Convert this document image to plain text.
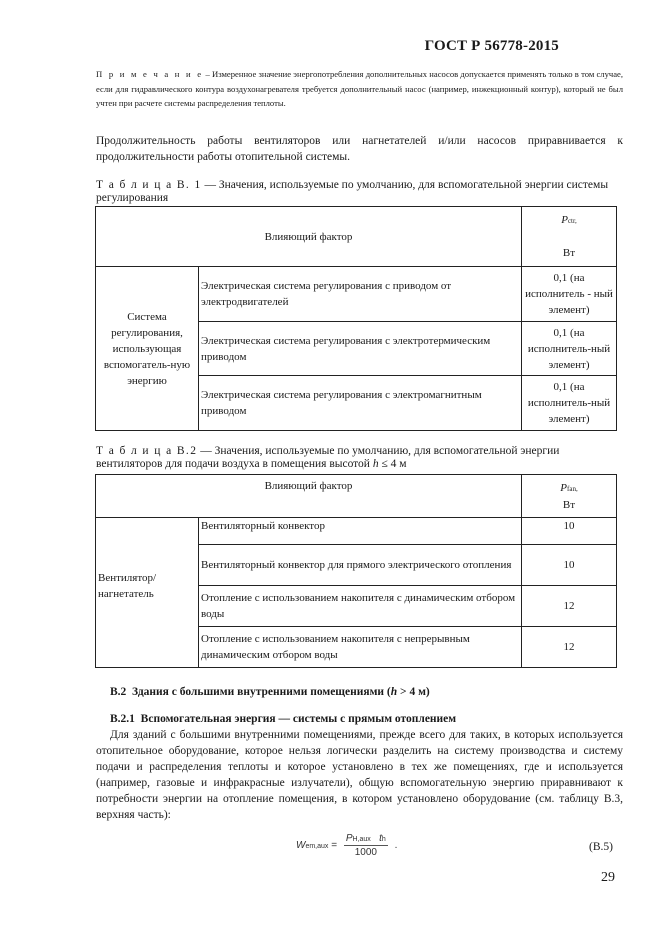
ГОСТ Р 56778-2015
П р и м е ч а н и е – Измеренное значение энергопотребления дополнительных насосов допускается применять только в том случае, если для гидравлического контура воздухонагревателя требуется дополнительный насос (например, инжекционный контур), который не был учтен при расчете системы распределения теплоты.
Продолжительность работы вентиляторов или нагнетателей и/или насосов приравнивается к продолжительности работы отопительной системы.
Т а б л и ц а В. 1 — Значения, используемые по умолчанию, для вспомогательной энергии системы регулирования
Влияющий фактор		Pctr,

Вт
Система регулирования, использующая вспомогатель-ную энергию	Электрическая система регулирования с приводом от электродвигателей	0,1 (на исполнитель - ный элемент)
	Электрическая система регулирования с электротермическим приводом	0,1 (на исполнитель-ный элемент)
	Электрическая система регулирования с электромагнитным приводом	0,1 (на исполнитель-ный элемент)
Т а б л и ц а В.2 — Значения, используемые по умолчанию, для вспомогательной энергии вентиляторов для подачи воздуха в помещения высотой h ≤ 4 м
Влияющий фактор		Pfan,
Вт
Вентилятор/ нагнетатель	Вентиляторный конвектор	10
	Вентиляторный конвектор для прямого электрического отопления	10
	Отопление с использованием накопителя с динамическим отбором воды	12
	Отопление с использованием накопителя с непрерывным динамическим отбором воды	12
В.2 Здания с большими внутренними помещениями (h > 4 м)
В.2.1 Вспомогательная энергия — системы с прямым отоплением
Для зданий с большими внутренними помещениями, прежде всего для таких, в которых используется отопительное оборудование, которое нельзя логически разделить на систему производства и систему подачи и распределения теплоты и которое установлено в тех же помещениях, где и используется (например, газовые и инфракрасные излучатели), общую вспомогательную энергию приравнивают к потребности энергии на отопление помещения, в котором установлено оборудование (см. таблицу В.3, верхняя часть):
$Wem,aux = \frac{\text{PH,aux th}}{1000}$ .	(В.5)
29
